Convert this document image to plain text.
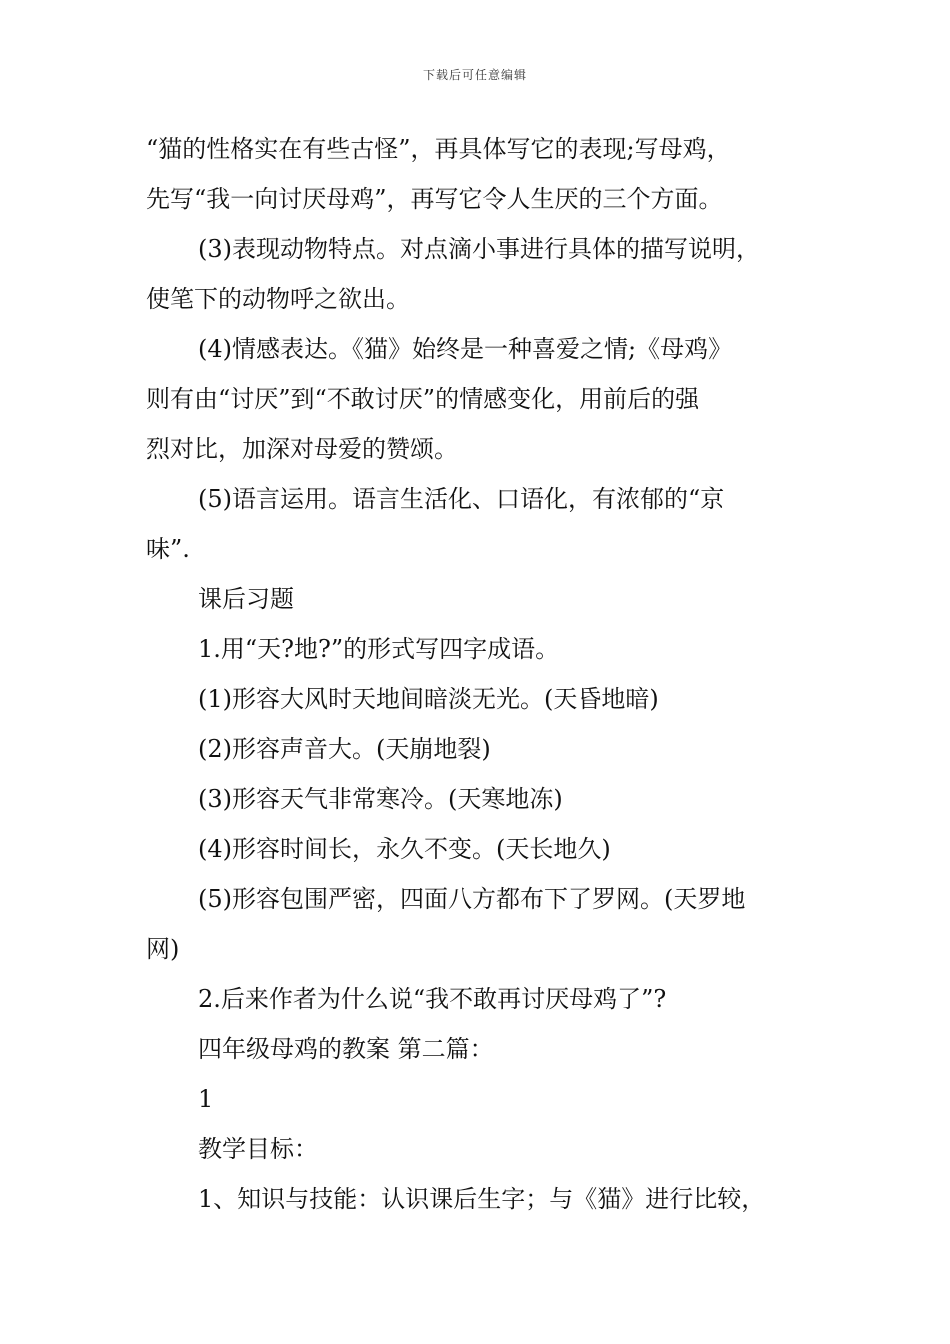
下载后可任意编辑
“猫的性格实在有些古怪”，再具体写它的表现;写母鸡，
先写“我一向讨厌母鸡”，再写它令人生厌的三个方面。
(3)表现动物特点。对点滴小事进行具体的描写说明，
使笔下的动物呼之欲出。
(4)情感表达。《猫》始终是一种喜爱之情;《母鸡》
则有由“讨厌”到“不敢讨厌”的情感变化，用前后的强
烈对比，加深对母爱的赞颂。
(5)语言运用。语言生活化、口语化，有浓郁的“京
味”.
课后习题
1.用“天?地?”的形式写四字成语。
(1)形容大风时天地间暗淡无光。(天昏地暗)
(2)形容声音大。(天崩地裂)
(3)形容天气非常寒冷。(天寒地冻)
(4)形容时间长，永久不变。(天长地久)
(5)形容包围严密，四面八方都布下了罗网。(天罗地
网)
2.后来作者为什么说“我不敢再讨厌母鸡了”?
四年级母鸡的教案 第二篇：
1
教学目标：
1、知识与技能：认识课后生字；与《猫》进行比较，
